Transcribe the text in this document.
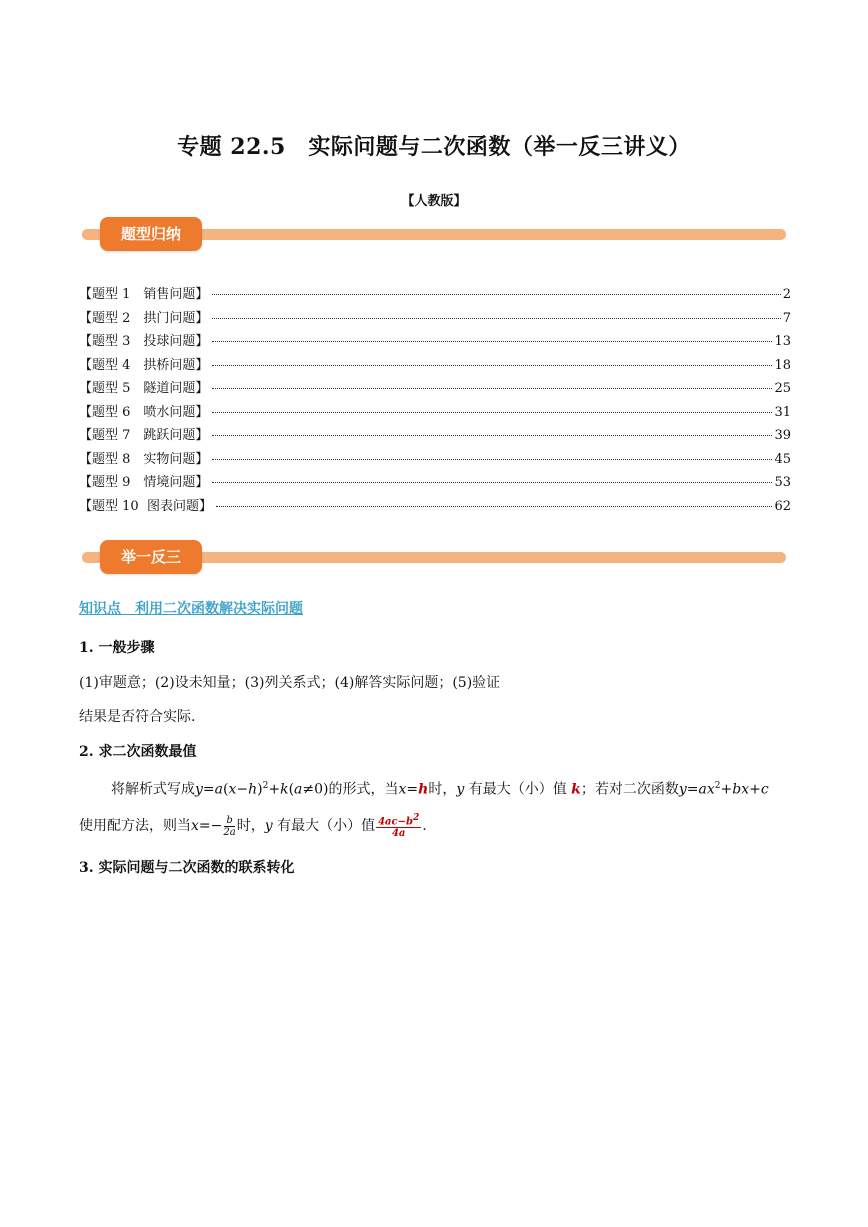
专题 22.5　实际问题与二次函数（举一反三讲义）
【人教版】
题型归纳
【题型 1　销售问题】	2
【题型 2　拱门问题】	7
【题型 3　投球问题】	13
【题型 4　拱桥问题】	18
【题型 5　隧道问题】	25
【题型 6　喷水问题】	31
【题型 7　跳跃问题】	39
【题型 8　实物问题】	45
【题型 9　情境问题】	53
【题型 10  图表问题】	62
举一反三
知识点　利用二次函数解决实际问题
1. 一般步骤
(1)审题意；(2)设未知量；(3)列关系式；(4)解答实际问题；(5)验证
结果是否符合实际.
2. 求二次函数最值
将解析式写成$y=a(x-h)^2+k(a\ne 0)$的形式，当x=h时，y 有最大（小）值 k；若对二次函数$y=ax^2+bx+c$
使用配方法，则当$x=- \frac{b}{2a}$ 时，y 有最大（小）值 $\frac{4ac-b^2}{4a}$ .
3. 实际问题与二次函数的联系转化
